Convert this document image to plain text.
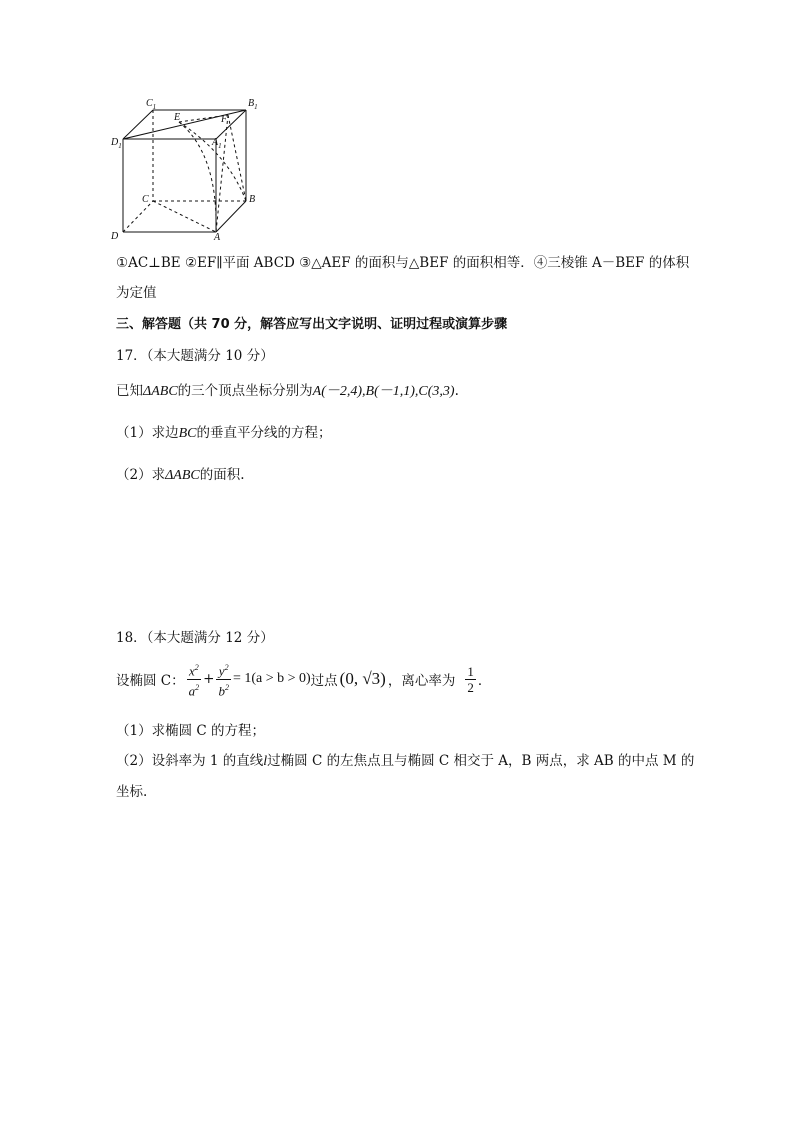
$C_1$	$B_1$
$D_1$	$A_1$
E	F
C	B
D	A
①AC⊥BE ②EF∥平面 ABCD ③△AEF 的面积与△BEF 的面积相等．④三棱锥 A－BEF 的体积
为定值
三、解答题（共 70 分，解答应写出文字说明、证明过程或演算步骤
17．（本大题满分 10 分）
已知ΔABC的三个顶点坐标分别为A(－2,4),B(－1,1),C(3,3).
（1）求边BC的垂直平分线的方程；
（2）求ΔABC的面积.
18．（本大题满分 12 分）
设椭圆 C： $\frac{x^2}{a^2} + \frac{y^2}{b^2} = 1(a > b > 0)$ 过点 (0, √3) ，离心率为 $\frac{1}{2}$ ．
（1）求椭圆 C 的方程；
（2）设斜率为 1 的直线l过椭圆 C 的左焦点且与椭圆 C 相交于 A，B 两点，求 AB 的中点 M 的
坐标.
